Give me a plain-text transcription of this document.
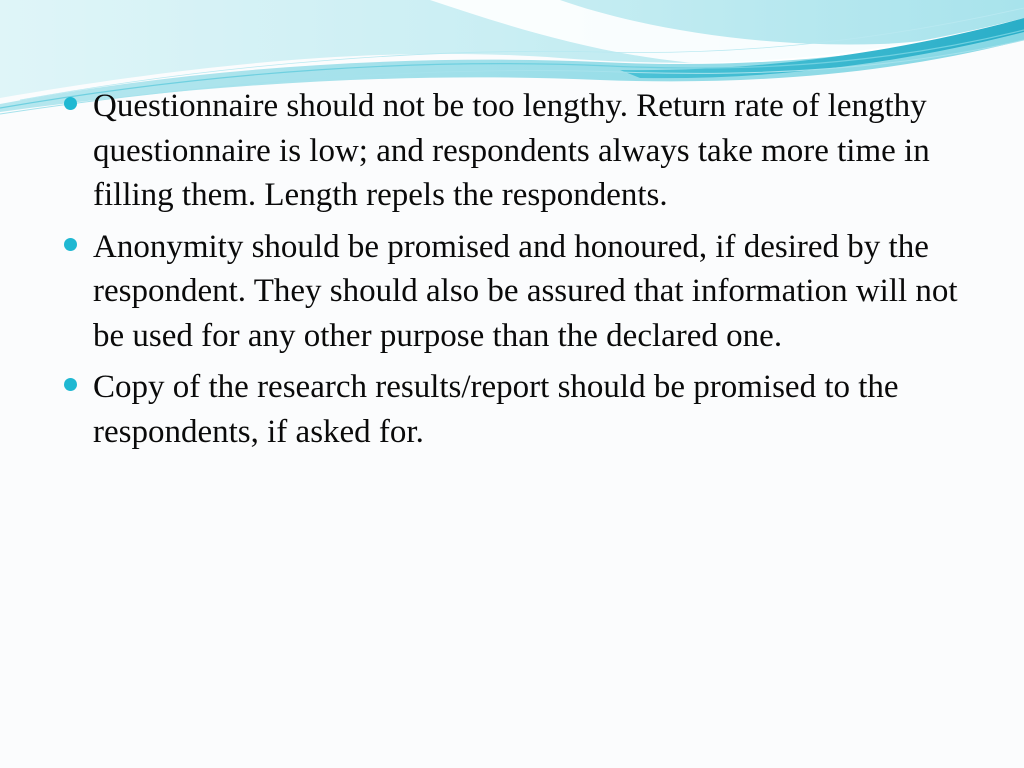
Questionnaire should not be too lengthy. Return rate of lengthy questionnaire is low; and respondents always take more time in filling them. Length repels the respondents.
Anonymity should be promised and honoured, if desired by the respondent. They should also be assured that information will not be used for any other purpose than the declared one.
Copy of the research results/report should be promised to the respondents, if asked for.
